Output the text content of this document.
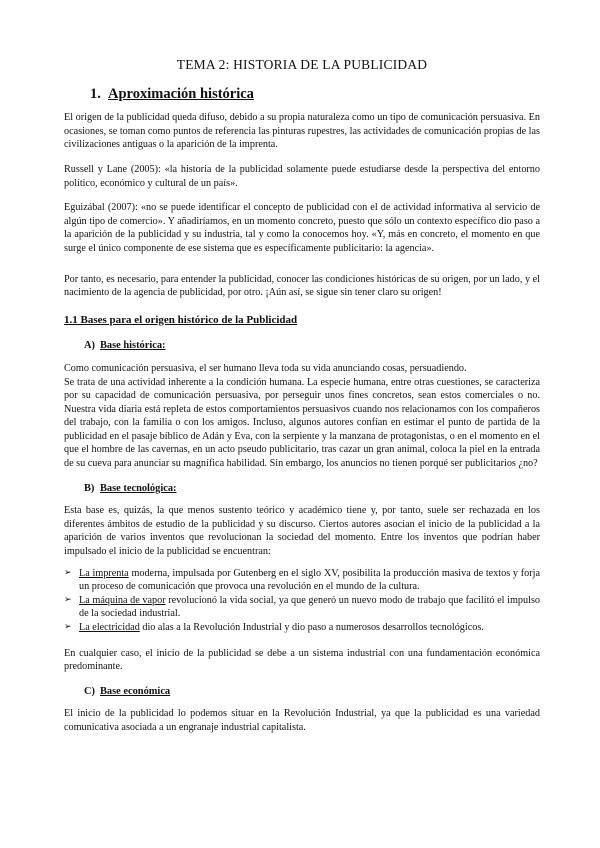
TEMA 2: HISTORIA DE LA PUBLICIDAD
1. Aproximación histórica

El origen de la publicidad queda difuso, debido a su propia naturaleza como un tipo de comunicación persuasiva. En ocasiones, se toman como puntos de referencia las pinturas rupestres, las actividades de comunicación propias de las civilizaciones antiguas o la aparición de la imprenta.

Russell y Lane (2005): «la historia de la publicidad solamente puede estudiarse desde la perspectiva del entorno político, económico y cultural de un país».

Eguizábal (2007): «no se puede identificar el concepto de publicidad con el de actividad informativa al servicio de algún tipo de comercio». Y añadiríamos, en un momento concreto, puesto que sólo un contexto específico dio paso a la aparición de la publicidad y su industria, tal y como la conocemos hoy. «Y, más en concreto, el momento en que surge el único componente de ese sistema que es específicamente publicitario: la agencia».

Por tanto, es necesario, para entender la publicidad, conocer las condiciones históricas de su origen, por un lado, y el nacimiento de la agencia de publicidad, por otro. ¡Aún así, se sigue sin tener claro su origen!

1.1 Bases para el origen histórico de la Publicidad
A) Base histórica:

Como comunicación persuasiva, el ser humano lleva toda su vida anunciando cosas, persuadiendo.

Se trata de una actividad inherente a la condición humana. La especie humana, entre otras cuestiones, se caracteriza por su capacidad de comunicación persuasiva, por perseguir unos fines concretos, sean estos comerciales o no. Nuestra vida diaria está repleta de estos comportamientos persuasivos cuando nos relacionamos con los compañeros del trabajo, con la familia o con los amigos. Incluso, algunos autores confían en estimar el punto de partida de la publicidad en el pasaje bíblico de Adán y Eva, con la serpiente y la manzana de protagonistas, o en el momento en el que el hombre de las cavernas, en un acto pseudo publicitario, tras cazar un gran animal, coloca la piel en la entrada de su cueva para anunciar su magnífica habilidad. Sin embargo, los anuncios no tienen porqué ser publicitarios ¿no?

B) Base tecnológica:

Esta base es, quizás, la que menos sustento teórico y académico tiene y, por tanto, suele ser rechazada en los diferentes ámbitos de estudio de la publicidad y su discurso. Ciertos autores asocian el inicio de la publicidad a la aparición de varios inventos que revolucionan la sociedad del momento. Entre los inventos que podrían haber impulsado el inicio de la publicidad se encuentran:

➢ La imprenta moderna, impulsada por Gutenberg en el siglo XV, posibilita la producción masiva de textos y forja un proceso de comunicación que provoca una revolución en el mundo de la cultura.
➢ La máquina de vapor revolucionó la vida social, ya que generó un nuevo modo de trabajo que facilitó el impulso de la sociedad industrial.
➢ La electricidad dio alas a la Revolución Industrial y dio paso a numerosos desarrollos tecnológicos.

En cualquier caso, el inicio de la publicidad se debe a un sistema industrial con una fundamentación económica predominante.

C) Base económica

El inicio de la publicidad lo podemos situar en la Revolución Industrial, ya que la publicidad es una variedad comunicativa asociada a un engranaje industrial capitalista.
